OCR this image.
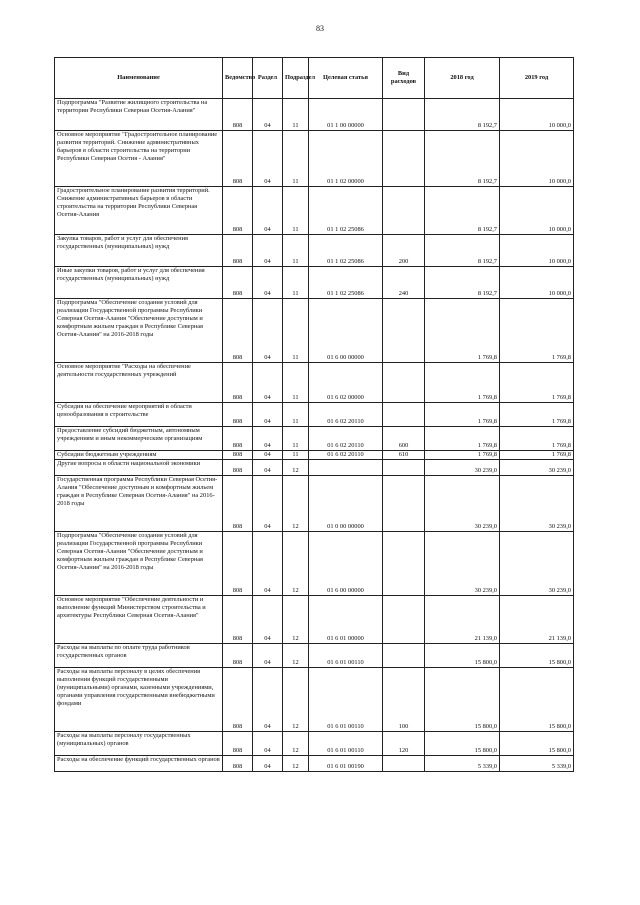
83
Наименование	Ведомство	Раздел	Подраздел	Целевая статья	Вид расходов	2018 год	2019 год
Подпрограмма "Развитие жилищного строительства на территории Республики Северная Осетия-Алания"	808	04	11	01 1 00 00000		8 192,7	10 000,0
Основное мероприятие "Градостроительное планирование развития территорий. Снижение административных барьеров в области строительства на территории Республики Северная Осетия - Алания"	808	04	11	01 1 02 00000		8 192,7	10 000,0
Градостроительное планирование развития территорий. Снижение административных барьеров в области строительства на территории Республики Северная Осетия-Алания	808	04	11	01 1 02 25086		8 192,7	10 000,0
Закупка товаров, работ и услуг для обеспечения государственных (муниципальных) нужд	808	04	11	01 1 02 25086	200	8 192,7	10 000,0
Иные закупки товаров, работ и услуг для обеспечения государственных (муниципальных) нужд	808	04	11	01 1 02 25086	240	8 192,7	10 000,0
Подпрограмма "Обеспечение создания условий для реализации Государственной программы Республики Северная Осетия-Алания "Обеспечение доступным и комфортным жильем граждан в Республике Северная Осетия-Алания" на 2016-2018 годы	808	04	11	01 6 00 00000		1 769,8	1 769,8
Основное мероприятие "Расходы на обеспечение деятельности государственных учреждений	808	04	11	01 6 02 00000		1 769,8	1 769,8
Субсидия на обеспечение мероприятий в области ценообразования в строительстве	808	04	11	01 6 02 20110		1 769,8	1 769,8
Предоставление субсидий бюджетным, автономным учреждениям и иным некоммерческим организациям	808	04	11	01 6 02 20110	600	1 769,8	1 769,8
Субсидии бюджетным учреждениям	808	04	11	01 6 02 20110	610	1 769,8	1 769,8
Другие вопросы в области национальной экономики	808	04	12			30 239,0	30 239,0
Государственная программа Республики Северная Осетия-Алания "Обеспечение доступным и комфортным жильем граждан в Республике Северная Осетия-Алания" на 2016-2018 годы	808	04	12	01 0 00 00000		30 239,0	30 239,0
Подпрограмма "Обеспечение создания условий для реализации Государственной программы Республики Северная Осетия-Алания "Обеспечение доступным и комфортным жильем граждан в Республике Северная Осетия-Алания" на 2016-2018 годы	808	04	12	01 6 00 00000		30 239,0	30 239,0
Основное мероприятие "Обеспечение деятельности и выполнение функций Министерством строительства и архитектуры Республики Северная Осетия-Алания"	808	04	12	01 6 01 00000		21 139,0	21 139,0
Расходы на выплаты по оплате труда работников государственных органов	808	04	12	01 6 01 00110		15 800,0	15 800,0
Расходы на выплаты персоналу в целях обеспечения выполнения функций государственными (муниципальными) органами, казенными учреждениями, органами управления государственными внебюджетными фондами	808	04	12	01 6 01 00110	100	15 800,0	15 800,0
Расходы на выплаты персоналу государственных (муниципальных) органов	808	04	12	01 6 01 00110	120	15 800,0	15 800,0
Расходы на обеспечение функций государственных органов	808	04	12	01 6 01 00190		5 339,0	5 339,0
